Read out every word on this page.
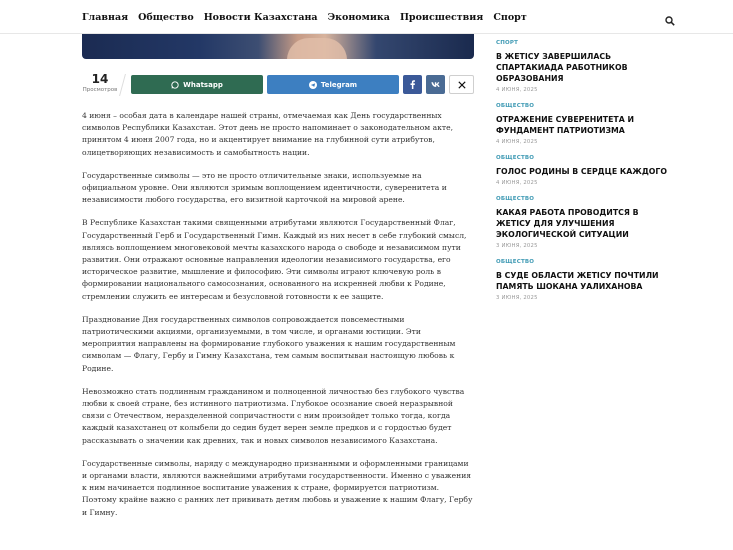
Главная Общество Новости Казахстана Экономика Происшествия Спорт
14
Просмотров
Whatsapp	Telegram

4 июня – особая дата в календаре нашей страны, отмечаемая как День государственных символов Республики Казахстан. Этот день не просто напоминает о законодательном акте, принятом 4 июня 2007 года, но и акцентирует внимание на глубинной сути атрибутов, олицетворяющих независимость и самобытность нации.

Государственные символы — это не просто отличительные знаки, используемые на официальном уровне. Они являются зримым воплощением идентичности, суверенитета и независимости любого государства, его визитной карточкой на мировой арене.

В Республике Казахстан такими священными атрибутами являются Государственный Флаг, Государственный Герб и Государственный Гимн. Каждый из них несет в себе глубокий смысл, являясь воплощением многовековой мечты казахского народа о свободе и независимом пути развития. Они отражают основные направления идеологии независимого государства, его историческое развитие, мышление и философию. Эти символы играют ключевую роль в формировании национального самосознания, основанного на искренней любви к Родине, стремлении служить ее интересам и безусловной готовности к ее защите.

Празднование Дня государственных символов сопровождается повсеместными патриотическими акциями, организуемыми, в том числе, и органами юстиции. Эти мероприятия направлены на формирование глубокого уважения к нашим государственным символам — Флагу, Гербу и Гимну Казахстана, тем самым воспитывая настоящую любовь к Родине.

Невозможно стать подлинным гражданином и полноценной личностью без глубокого чувства любви к своей стране, без истинного патриотизма. Глубокое осознание своей неразрывной связи с Отечеством, неразделенной сопричастности с ним произойдет только тогда, когда каждый казахстанец от колыбели до седин будет верен земле предков и с гордостью будет рассказывать о значении как древних, так и новых символов независимого Казахстана.

Государственные символы, наряду с международно признанными и оформленными границами и органами власти, являются важнейшими атрибутами государственности. Именно с уважения к ним начинается подлинное воспитание уважения к стране, формируется патриотизм. Поэтому крайне важно с ранних лет прививать детям любовь и уважение к нашим Флагу, Гербу и Гимну.

СПОРТ
В ЖЕТІСУ ЗАВЕРШИЛАСЬ СПАРТАКИАДА РАБОТНИКОВ ОБРАЗОВАНИЯ
4 ИЮНЯ, 2025
ОБЩЕСТВО
ОТРАЖЕНИЕ СУВЕРЕНИТЕТА И ФУНДАМЕНТ ПАТРИОТИЗМА
4 ИЮНЯ, 2025
ОБЩЕСТВО
ГОЛОС РОДИНЫ В СЕРДЦЕ КАЖДОГО
4 ИЮНЯ, 2025
ОБЩЕСТВО
КАКАЯ РАБОТА ПРОВОДИТСЯ В ЖЕТІСУ ДЛЯ УЛУЧШЕНИЯ ЭКОЛОГИЧЕСКОЙ СИТУАЦИИ
3 ИЮНЯ, 2025
ОБЩЕСТВО
В СУДЕ ОБЛАСТИ ЖЕТІСУ ПОЧТИЛИ ПАМЯТЬ ШОКАНА УАЛИХАНОВА
3 ИЮНЯ, 2025
